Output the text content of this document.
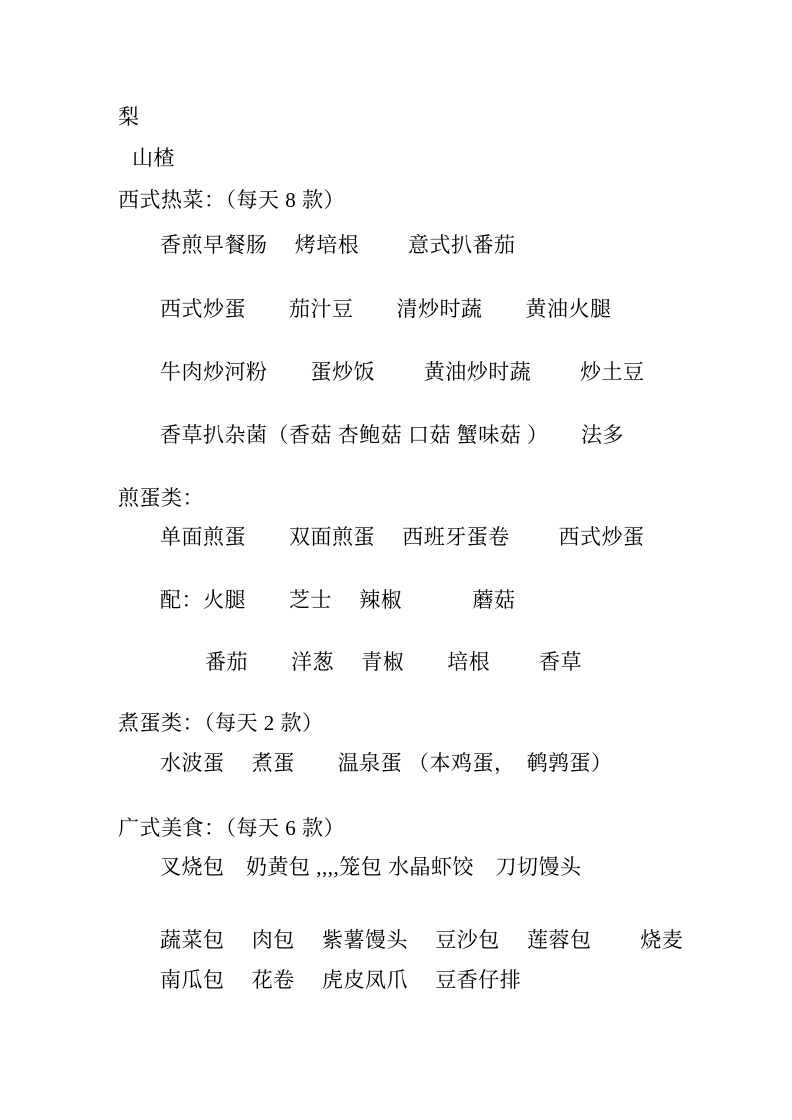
梨
山楂
西式热菜：（每天 8 款）
香煎早餐肠　 烤培根　　 意式扒番茄
西式炒蛋　　茄汁豆　　清炒时蔬　　黄油火腿
牛肉炒河粉　　蛋炒饭　　 黄油炒时蔬　　 炒土豆
香草扒杂菌（香菇 杏鲍菇 口菇 蟹味菇 ）　　法多
煎蛋类：
单面煎蛋　　双面煎蛋　 西班牙蛋卷　　 西式炒蛋
配：火腿　　芝士　 辣椒　　　 蘑菇
番茄　　洋葱　 青椒　　培根　　 香草
煮蛋类：（每天 2 款）
水波蛋　 煮蛋　　温泉蛋 （本鸡蛋，　鹌鹑蛋）
广式美食：（每天 6 款）
叉烧包　奶黄包 ,,,,笼包 水晶虾饺　刀切馒头
蔬菜包　 肉包　 紫薯馒头　 豆沙包　 莲蓉包　　 烧麦
南瓜包　 花卷　 虎皮凤爪　 豆香仔排
